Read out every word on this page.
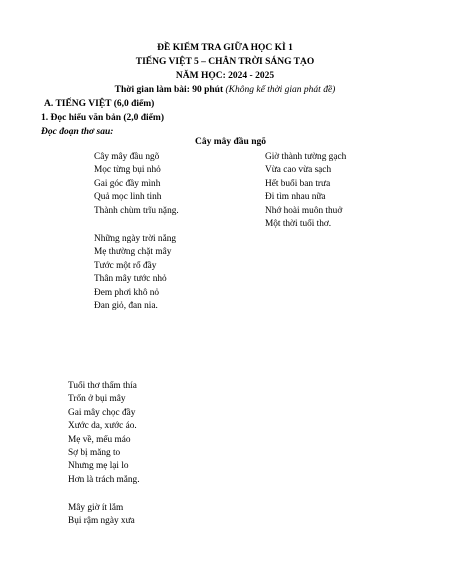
ĐỀ KIỂM TRA GIỮA HỌC KÌ 1
TIẾNG VIỆT 5 – CHÂN TRỜI SÁNG TẠO
NĂM HỌC: 2024 - 2025
Thời gian làm bài: 90 phút (Không kể thời gian phát đề)
A. TIẾNG VIỆT (6,0 điểm)
1. Đọc hiểu văn bản (2,0 điểm)
Đọc đoạn thơ sau:
Cây mây đầu ngõ
Cây mây đầu ngõ
Mọc từng bụi nhỏ
Gai góc đầy mình
Quả mọc linh tinh
Thành chùm trĩu nặng.
Những ngày trời nắng
Mẹ thường chặt mây
Tước một rổ đầy
Thân mây tước nhỏ
Đem phơi khô nỏ
Đan giỏ, đan nia.
Giờ thành tường gạch
Vừa cao vừa sạch
Hết buổi ban trưa
Đi tìm nhau nữa
Nhớ hoài muôn thuở
Một thời tuổi thơ.
Tuổi thơ thấm thía
Trốn ở bụi mây
Gai mây chọc đầy
Xước da, xước áo.
Mẹ về, mếu máo
Sợ bị măng to
Nhưng mẹ lại lo
Hơn là trách mắng.
Mây giờ ít lắm
Bụi rậm ngày xưa
